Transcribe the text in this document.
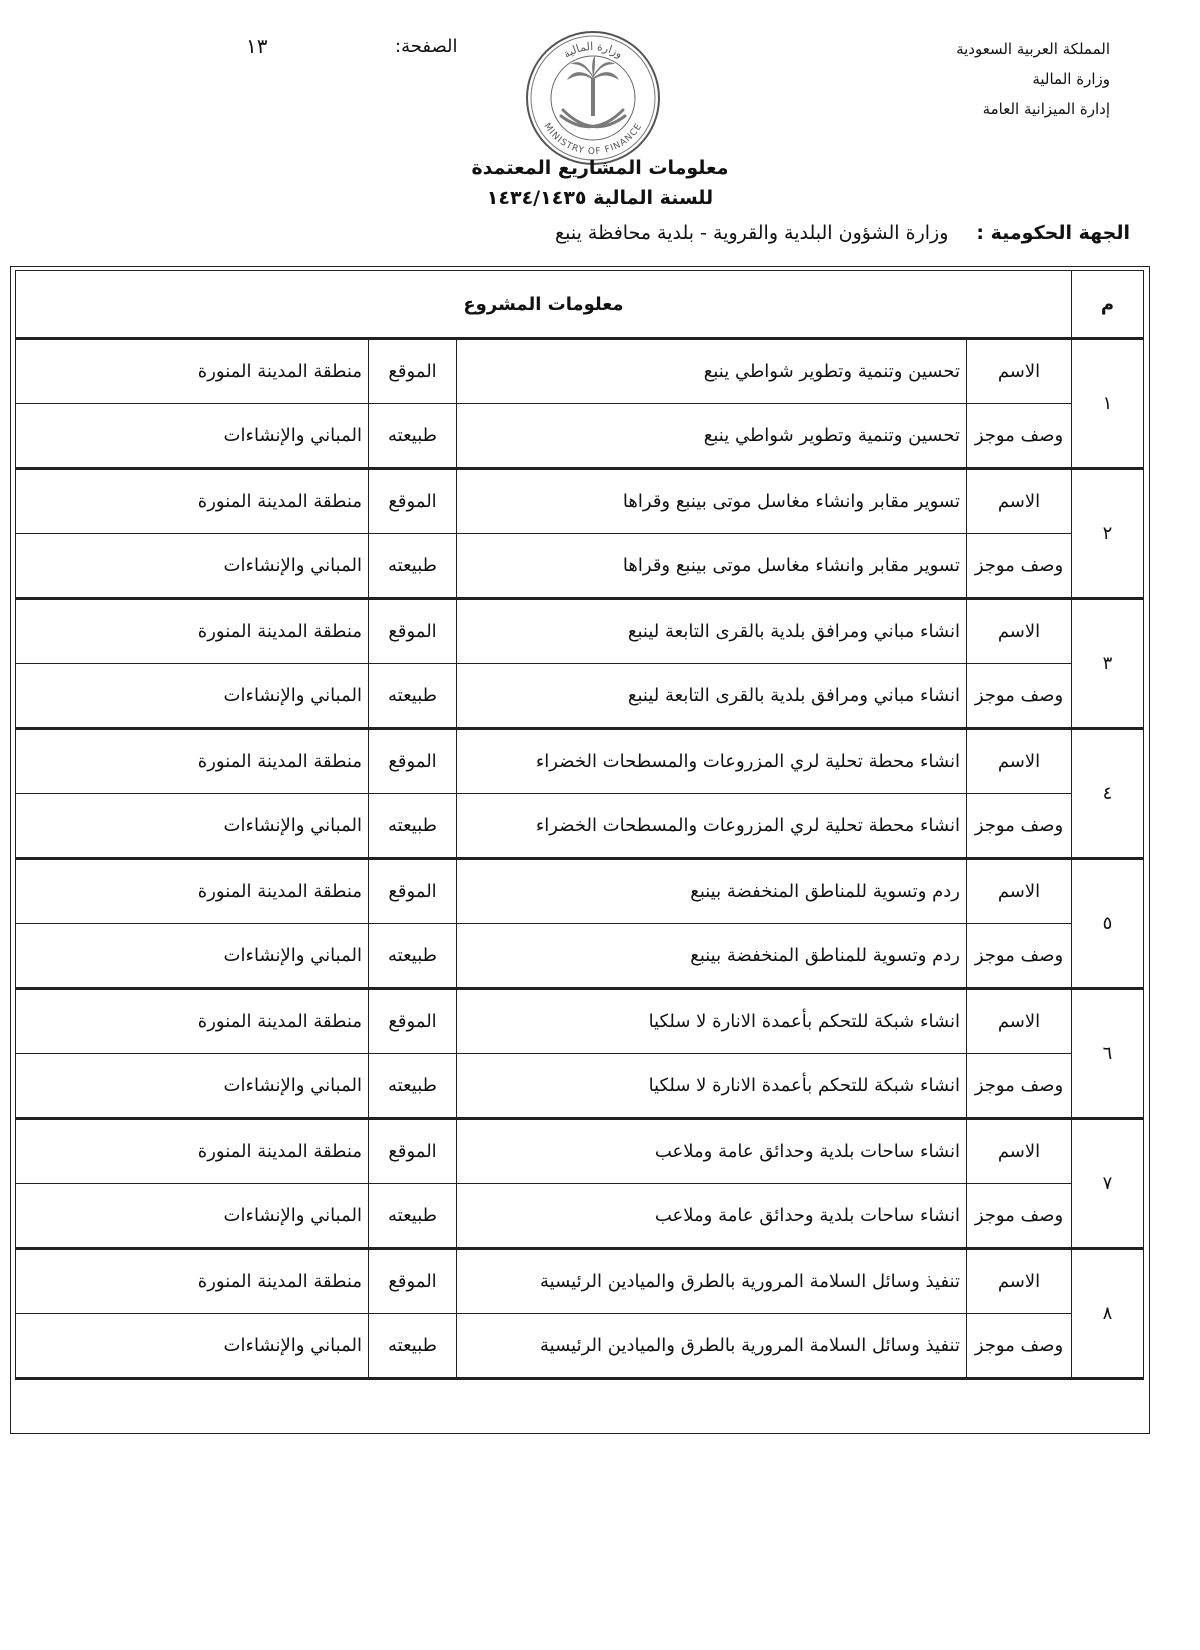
المملكة العربية السعودية
وزارة المالية
إدارة الميزانية العامة
الصفحة:
١٣	وزارة المالية
MINISTRY OF FINANCE
معلومات المشاريع المعتمدة
للسنة المالية ١٤٣٤/١٤٣٥
الجهة الحكومية : وزارة الشؤون البلدية والقروية - بلدية محافظة ينبع
م	معلومات المشروع			
١	الاسم	تحسين وتنمية وتطوير شواطي ينبع	الموقع	منطقة المدينة المنورة
	وصف موجز	تحسين وتنمية وتطوير شواطي ينبع	طبيعته	المباني والإنشاءات
٢	الاسم	تسوير مقابر وانشاء مغاسل موتى بينبع وقراها	الموقع	منطقة المدينة المنورة
	وصف موجز	تسوير مقابر وانشاء مغاسل موتى بينبع وقراها	طبيعته	المباني والإنشاءات
٣	الاسم	انشاء مباني ومرافق بلدية بالقرى التابعة لينبع	الموقع	منطقة المدينة المنورة
	وصف موجز	انشاء مباني ومرافق بلدية بالقرى التابعة لينبع	طبيعته	المباني والإنشاءات
٤	الاسم	انشاء محطة تحلية لري المزروعات والمسطحات الخضراء	الموقع	منطقة المدينة المنورة
	وصف موجز	انشاء محطة تحلية لري المزروعات والمسطحات الخضراء	طبيعته	المباني والإنشاءات
٥	الاسم	ردم وتسوية للمناطق المنخفضة بينبع	الموقع	منطقة المدينة المنورة
	وصف موجز	ردم وتسوية للمناطق المنخفضة بينبع	طبيعته	المباني والإنشاءات
٦	الاسم	انشاء شبكة للتحكم بأعمدة الانارة لا سلكيا	الموقع	منطقة المدينة المنورة
	وصف موجز	انشاء شبكة للتحكم بأعمدة الانارة لا سلكيا	طبيعته	المباني والإنشاءات
٧	الاسم	انشاء ساحات بلدية وحدائق عامة وملاعب	الموقع	منطقة المدينة المنورة
	وصف موجز	انشاء ساحات بلدية وحدائق عامة وملاعب	طبيعته	المباني والإنشاءات
٨	الاسم	تنفيذ وسائل السلامة المرورية بالطرق والميادين الرئيسية	الموقع	منطقة المدينة المنورة
	وصف موجز	تنفيذ وسائل السلامة المرورية بالطرق والميادين الرئيسية	طبيعته	المباني والإنشاءات
